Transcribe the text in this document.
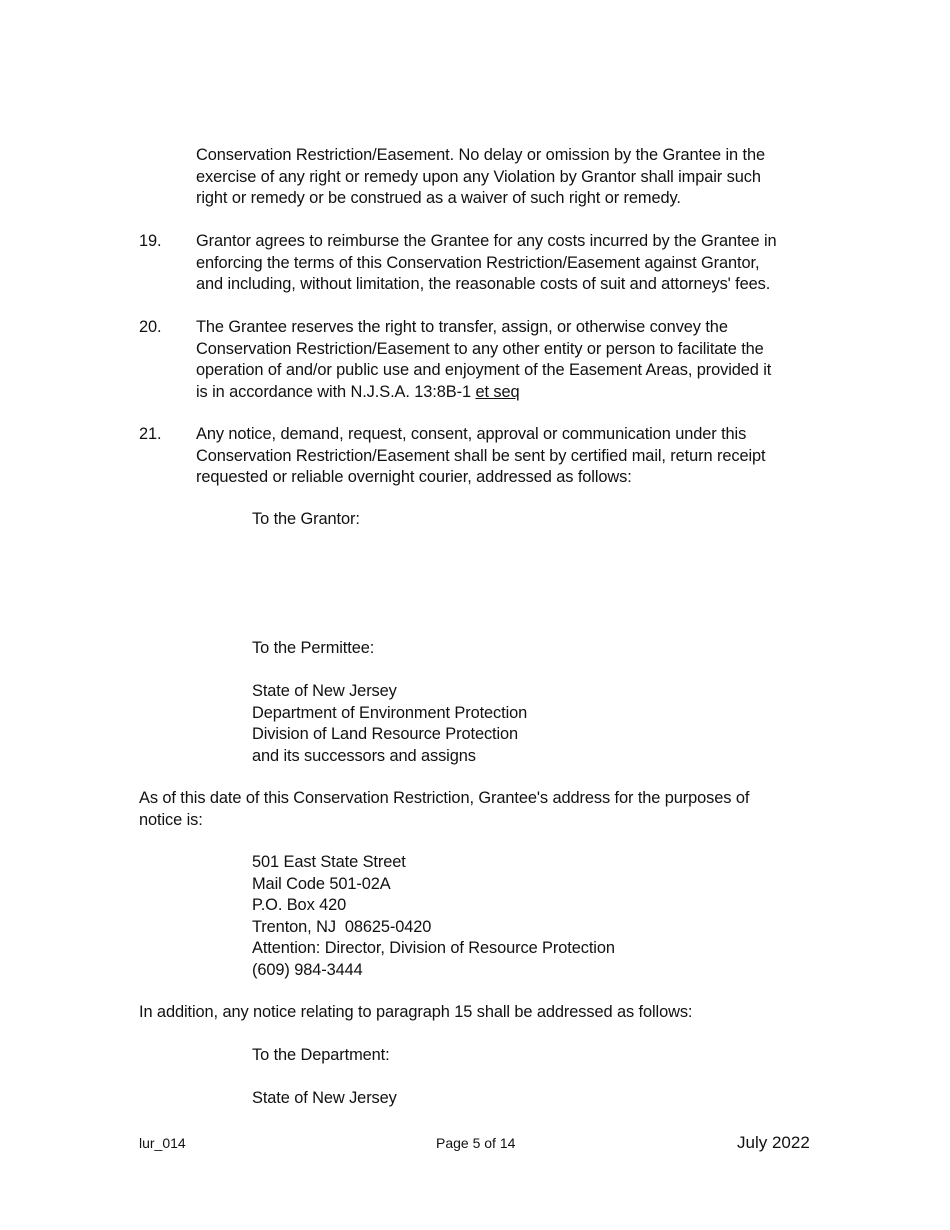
Conservation Restriction/Easement. No delay or omission by the Grantee in the
exercise of any right or remedy upon any Violation by Grantor shall impair such
right or remedy or be construed as a waiver of such right or remedy.
19. Grantor agrees to reimburse the Grantee for any costs incurred by the Grantee in
enforcing the terms of this Conservation Restriction/Easement against Grantor,
and including, without limitation, the reasonable costs of suit and attorneys' fees.
20. The Grantee reserves the right to transfer, assign, or otherwise convey the
Conservation Restriction/Easement to any other entity or person to facilitate the
operation of and/or public use and enjoyment of the Easement Areas, provided it
is in accordance with N.J.S.A. 13:8B-1 et seq
21. Any notice, demand, request, consent, approval or communication under this
Conservation Restriction/Easement shall be sent by certified mail, return receipt
requested or reliable overnight courier, addressed as follows:
To the Grantor:
To the Permittee:
State of New Jersey
Department of Environment Protection
Division of Land Resource Protection
and its successors and assigns
As of this date of this Conservation Restriction, Grantee's address for the purposes of
notice is:
501 East State Street
Mail Code 501-02A
P.O. Box 420
Trenton, NJ  08625-0420
Attention: Director, Division of Resource Protection
(609) 984-3444
In addition, any notice relating to paragraph 15 shall be addressed as follows:
To the Department:
State of New Jersey
lur_014	Page 5 of 14	July 2022
